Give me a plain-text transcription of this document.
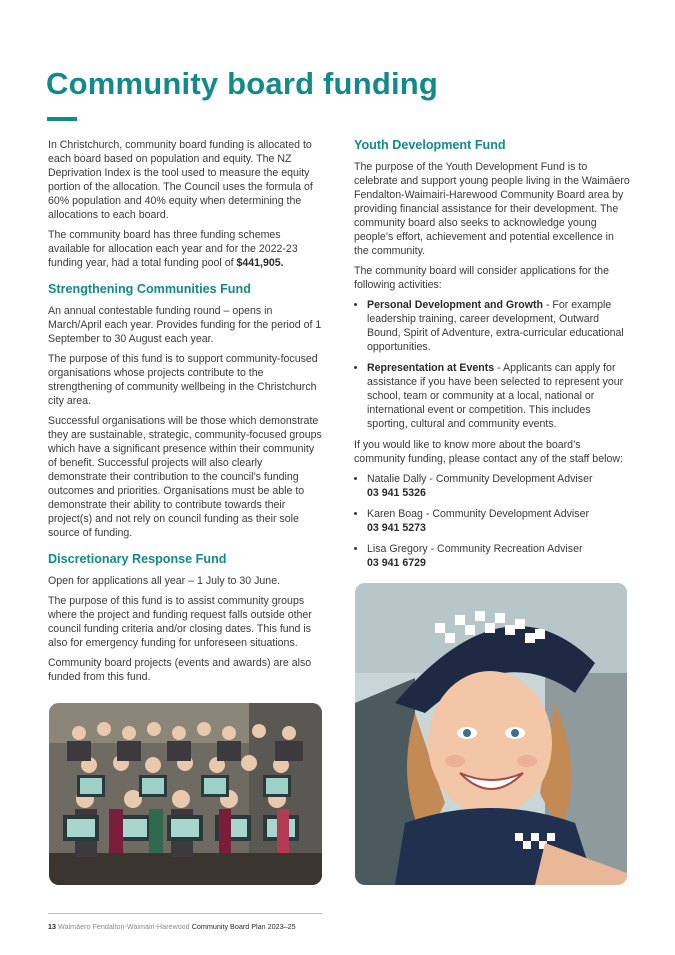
Community board funding

In Christchurch, community board funding is allocated to each board based on population and equity. The NZ Deprivation Index is the tool used to measure the equity portion of the allocation. The Council uses the formula of 60% population and 40% equity when determining the allocations to each board.

The community board has three funding schemes available for allocation each year and for the 2022-23 funding year, had a total funding pool of $441,905.

Strengthening Communities Fund

An annual contestable funding round – opens in March/April each year. Provides funding for the period of 1 September to 30 August each year.

The purpose of this fund is to support community-focused organisations whose projects contribute to the strengthening of community wellbeing in the Christchurch city area.

Successful organisations will be those which demonstrate they are sustainable, strategic, community-focused groups which have a significant presence within their community of benefit. Successful projects will also clearly demonstrate their contribution to the council’s funding outcomes and priorities. Organisations must be able to demonstrate their ability to contribute towards their project(s) and not rely on council funding as their sole source of funding.

Discretionary Response Fund

Open for applications all year – 1 July to 30 June.

The purpose of this fund is to assist community groups where the project and funding request falls outside other council funding criteria and/or closing dates. This fund is also for emergency funding for unforeseen situations.

Community board projects (events and awards) are also funded from this fund.

Youth Development Fund

The purpose of the Youth Development Fund is to celebrate and support young people living in the Waimāero Fendalton-Waimairi-Harewood Community Board area by providing financial assistance for their development. The community board also seeks to acknowledge young people’s effort, achievement and potential excellence in the community.

The community board will consider applications for the following activities:

• Personal Development and Growth - For example leadership training, career development, Outward Bound, Spirit of Adventure, extra-curricular educational opportunities.
• Representation at Events - Applicants can apply for assistance if you have been selected to represent your school, team or community at a local, national or international event or competition. This includes sporting, cultural and community events.

If you would like to know more about the board’s community funding, please contact any of the staff below:

• Natalie Dally - Community Development Adviser
03 941 5326
• Karen Boag - Community Development Adviser
03 941 5273
• Lisa Gregory - Community Recreation Adviser
03 941 6729
13 Waimāero Fendalton-Waimairi-Harewood Community Board Plan 2023–25
